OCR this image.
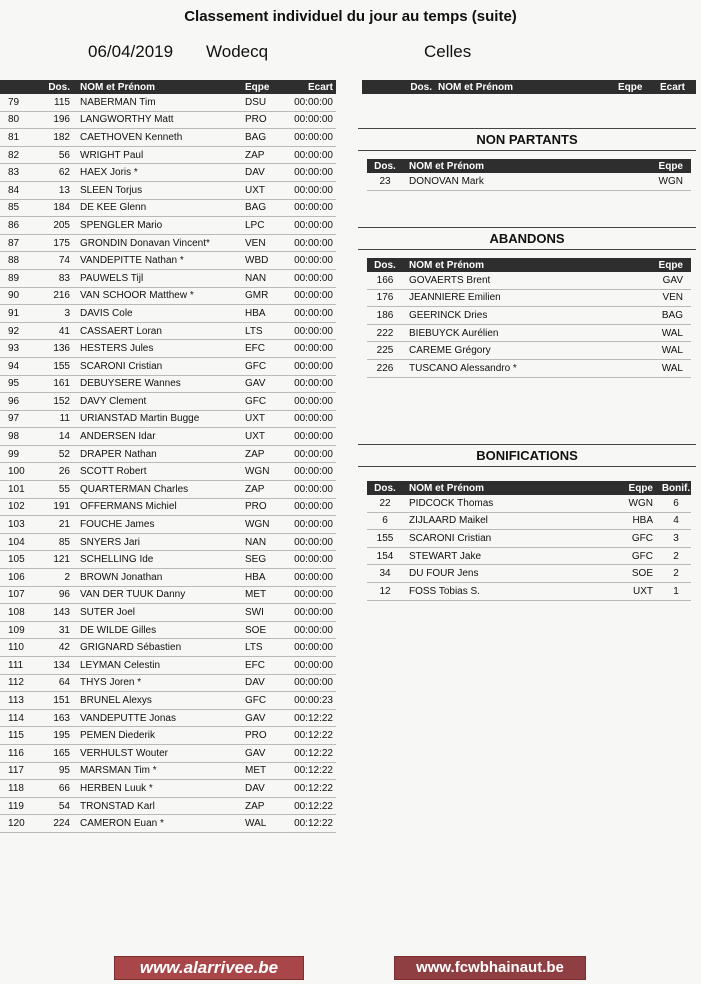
Classement individuel du jour au temps (suite)
06/04/2019 Wodecq	Celles
	Dos.	NOM et Prénom	Eqpe	Ecart
79	115	NABERMAN Tim	DSU	00:00:00
80	196	LANGWORTHY Matt	PRO	00:00:00
81	182	CAETHOVEN Kenneth	BAG	00:00:00
82	56	WRIGHT Paul	ZAP	00:00:00
83	62	HAEX Joris *	DAV	00:00:00
84	13	SLEEN Torjus	UXT	00:00:00
85	184	DE KEE Glenn	BAG	00:00:00
86	205	SPENGLER Mario	LPC	00:00:00
87	175	GRONDIN Donavan Vincent*	VEN	00:00:00
88	74	VANDEPITTE Nathan *	WBD	00:00:00
89	83	PAUWELS Tijl	NAN	00:00:00
90	216	VAN SCHOOR Matthew *	GMR	00:00:00
91	3	DAVIS Cole	HBA	00:00:00
92	41	CASSAERT Loran	LTS	00:00:00
93	136	HESTERS Jules	EFC	00:00:00
94	155	SCARONI Cristian	GFC	00:00:00
95	161	DEBUYSERE Wannes	GAV	00:00:00
96	152	DAVY Clement	GFC	00:00:00
97	11	URIANSTAD Martin Bugge	UXT	00:00:00
98	14	ANDERSEN Idar	UXT	00:00:00
99	52	DRAPER Nathan	ZAP	00:00:00
100	26	SCOTT Robert	WGN	00:00:00
101	55	QUARTERMAN Charles	ZAP	00:00:00
102	191	OFFERMANS Michiel	PRO	00:00:00
103	21	FOUCHE James	WGN	00:00:00
104	85	SNYERS Jari	NAN	00:00:00
105	121	SCHELLING Ide	SEG	00:00:00
106	2	BROWN Jonathan	HBA	00:00:00
107	96	VAN DER TUUK Danny	MET	00:00:00
108	143	SUTER Joel	SWI	00:00:00
109	31	DE WILDE Gilles	SOE	00:00:00
110	42	GRIGNARD Sébastien	LTS	00:00:00
111	134	LEYMAN Celestin	EFC	00:00:00
112	64	THYS Joren *	DAV	00:00:00
113	151	BRUNEL Alexys	GFC	00:00:23
114	163	VANDEPUTTE Jonas	GAV	00:12:22
115	195	PEMEN Diederik	PRO	00:12:22
116	165	VERHULST Wouter	GAV	00:12:22
117	95	MARSMAN Tim *	MET	00:12:22
118	66	HERBEN Luuk *	DAV	00:12:22
119	54	TRONSTAD Karl	ZAP	00:12:22
120	224	CAMERON Euan *	WAL	00:12:22
	Dos.	NOM et Prénom	Eqpe	Ecart
NON PARTANTS
Dos.	NOM et Prénom	Eqpe
23	DONOVAN Mark	WGN
ABANDONS
Dos.	NOM et Prénom	Eqpe
166	GOVAERTS Brent	GAV
176	JEANNIERE Emilien	VEN
186	GEERINCK Dries	BAG
222	BIEBUYCK Aurélien	WAL
225	CAREME Grégory	WAL
226	TUSCANO Alessandro *	WAL
BONIFICATIONS
Dos.	NOM et Prénom	Eqpe	Bonif.
22	PIDCOCK Thomas	WGN	6
6	ZIJLAARD Maikel	HBA	4
155	SCARONI Cristian	GFC	3
154	STEWART Jake	GFC	2
34	DU FOUR Jens	SOE	2
12	FOSS Tobias S.	UXT	1
www.alarrivee.be	www.fcwbhainaut.be
